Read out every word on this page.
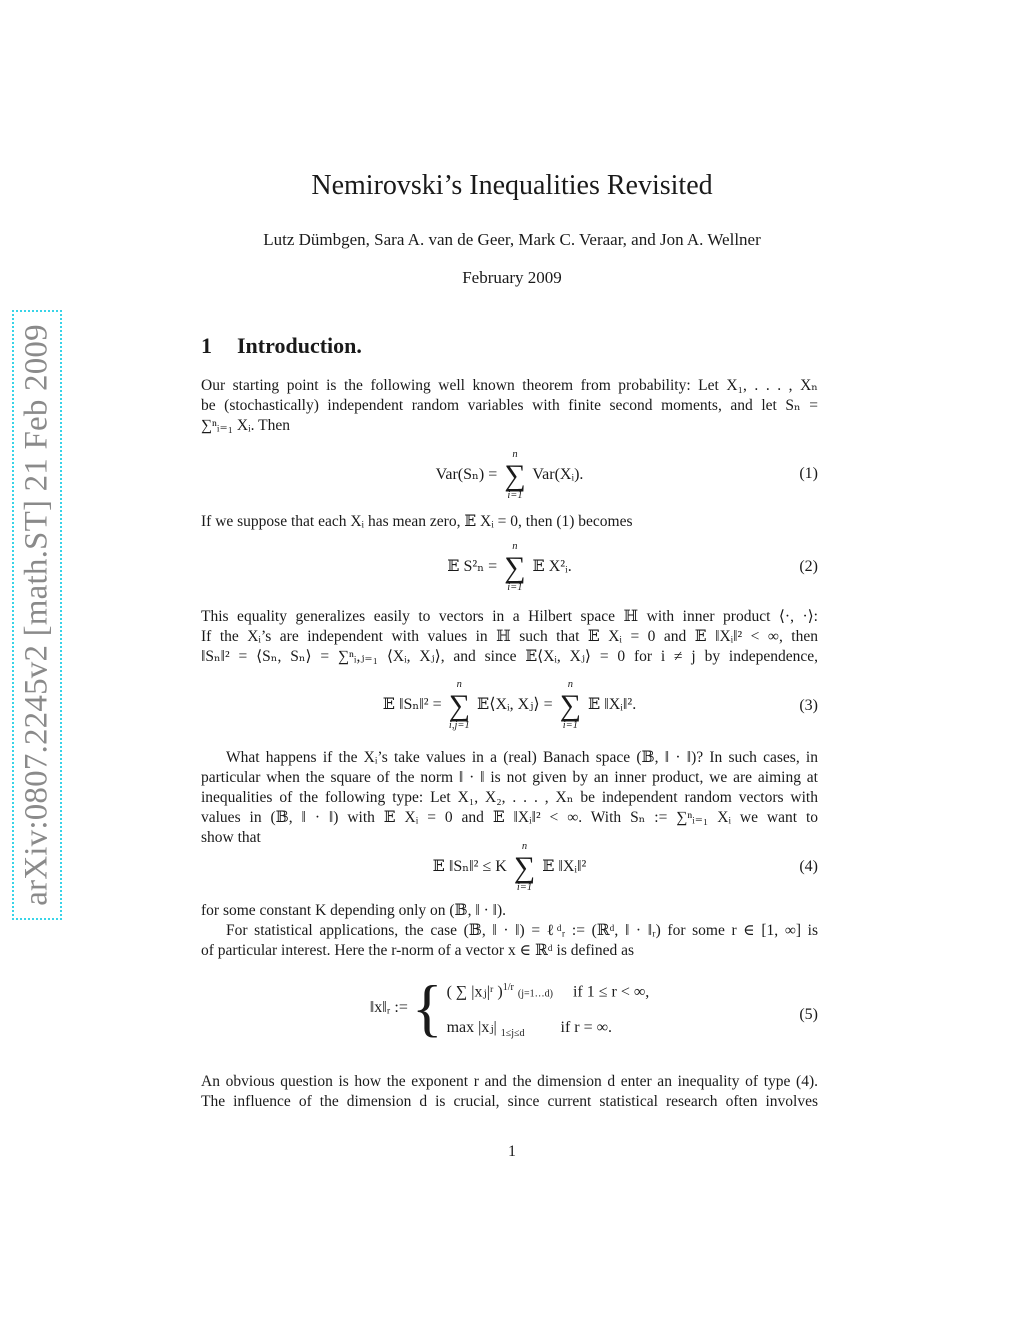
arXiv:0807.2245v2 [math.ST] 21 Feb 2009
Nemirovski’s Inequalities Revisited
Lutz Dümbgen, Sara A. van de Geer, Mark C. Veraar, and Jon A. Wellner
February 2009
1 Introduction.
Our starting point is the following well known theorem from probability: Let X₁, . . . , Xₙ
be (stochastically) independent random variables with finite second moments, and let Sₙ =
∑ⁿᵢ₌₁ Xᵢ. Then
Var(Sₙ) =
n
∑
i=1
Var(Xᵢ).	(1)
If we suppose that each Xᵢ has mean zero, 𝔼 Xᵢ = 0, then (1) becomes
𝔼 S²ₙ =
n
∑
i=1
𝔼 X²ᵢ.	(2)
This equality generalizes easily to vectors in a Hilbert space ℍ with inner product ⟨·, ·⟩:
If the Xᵢ’s are independent with values in ℍ such that 𝔼 Xᵢ = 0 and 𝔼 ‖Xᵢ‖² < ∞, then
‖Sₙ‖² = ⟨Sₙ, Sₙ⟩ = ∑ⁿᵢ,ⱼ₌₁ ⟨Xᵢ, Xⱼ⟩, and since 𝔼⟨Xᵢ, Xⱼ⟩ = 0 for i ≠ j by independence,
𝔼 ‖Sₙ‖² =
n
∑
i,j=1
𝔼⟨Xᵢ, Xⱼ⟩ =
n
∑
i=1
𝔼 ‖Xᵢ‖².	(3)
What happens if the Xᵢ’s take values in a (real) Banach space (𝔹, ‖ · ‖)? In such cases, in
particular when the square of the norm ‖ · ‖ is not given by an inner product, we are aiming at
inequalities of the following type: Let X₁, X₂, . . . , Xₙ be independent random vectors with
values in (𝔹, ‖ · ‖) with 𝔼 Xᵢ = 0 and 𝔼 ‖Xᵢ‖² < ∞. With Sₙ := ∑ⁿᵢ₌₁ Xᵢ we want to
show that
𝔼 ‖Sₙ‖² ≤ K
n
∑
i=1
𝔼 ‖Xᵢ‖²	(4)
for some constant K depending only on (𝔹, ‖ · ‖).
For statistical applications, the case (𝔹, ‖ · ‖) = ℓᵈᵣ := (ℝᵈ, ‖ · ‖ᵣ) for some r ∈ [1, ∞] is
of particular interest. Here the r-norm of a vector x ∈ ℝᵈ is defined as
‖x‖ᵣ := { ( ∑ |xⱼ|ʳ )$^{1/r}$ (j=1…d) if 1 ≤ r < ∞,
max |xⱼ| $_{1\le j\le d}$ if r = ∞.
(5)
An obvious question is how the exponent r and the dimension d enter an inequality of type (4).
The influence of the dimension d is crucial, since current statistical research often involves
1
